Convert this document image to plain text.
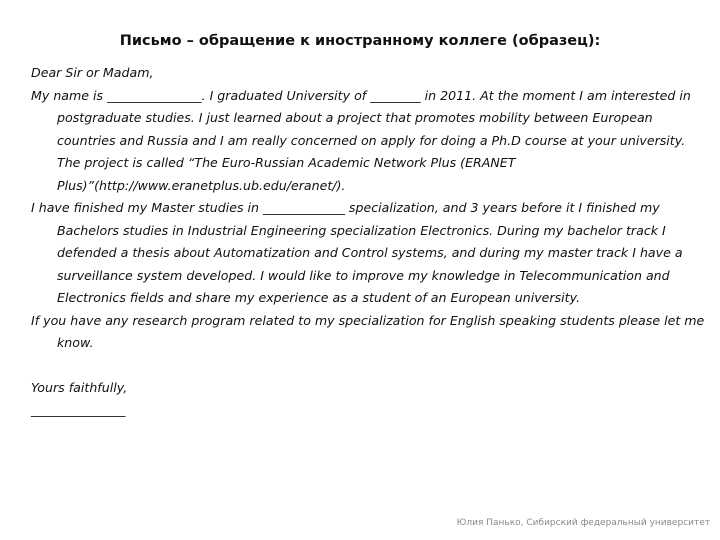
Письмо – обращение к иностранному коллеге (образец):

Dear Sir or Madam,

My name is _______________. I graduated University of ________ in 2011. At the moment I am interested in postgraduate studies. I just learned about a project that promotes mobility between European countries and Russia and I am really concerned on apply for doing a Ph.D course at your university. The project is called “The Euro-Russian Academic Network Plus (ERANET Plus)”(http://www.eranetplus.ub.edu/eranet/).

I have finished my Master studies in _____________ specialization, and 3 years before it I finished my Bachelors studies in Industrial Engineering specialization Electronics. During my bachelor track I defended a thesis about Automatization and Control systems, and during my master track I have a surveillance system developed. I would like to improve my knowledge in Telecommunication and Electronics fields and share my experience as a student of an European university.

If you have any research program related to my specialization for English speaking students please let me know.

Yours faithfully,

_______________

Юлия Панько, Сибирский федеральный университет
